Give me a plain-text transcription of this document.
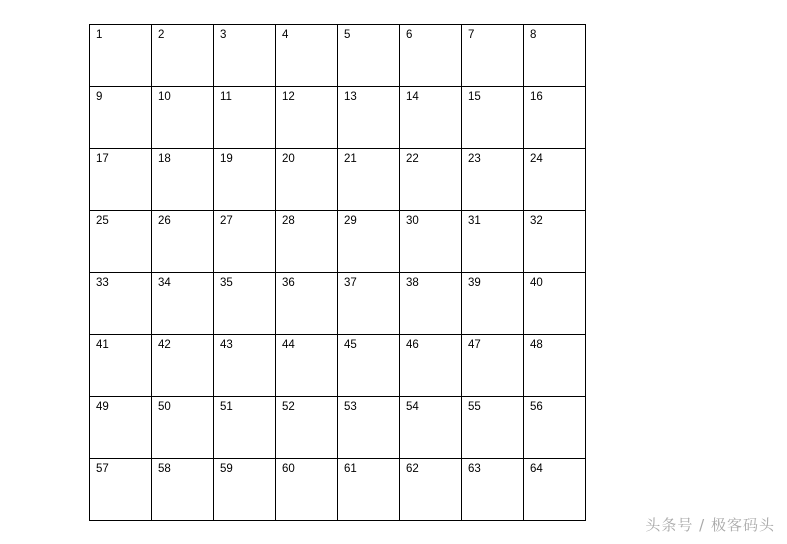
1	2	3	4	5	6	7	8
9	10	11	12	13	14	15	16
17	18	19	20	21	22	23	24
25	26	27	28	29	30	31	32
33	34	35	36	37	38	39	40
41	42	43	44	45	46	47	48
49	50	51	52	53	54	55	56
57	58	59	60	61	62	63	64
头条号 / 极客码头
